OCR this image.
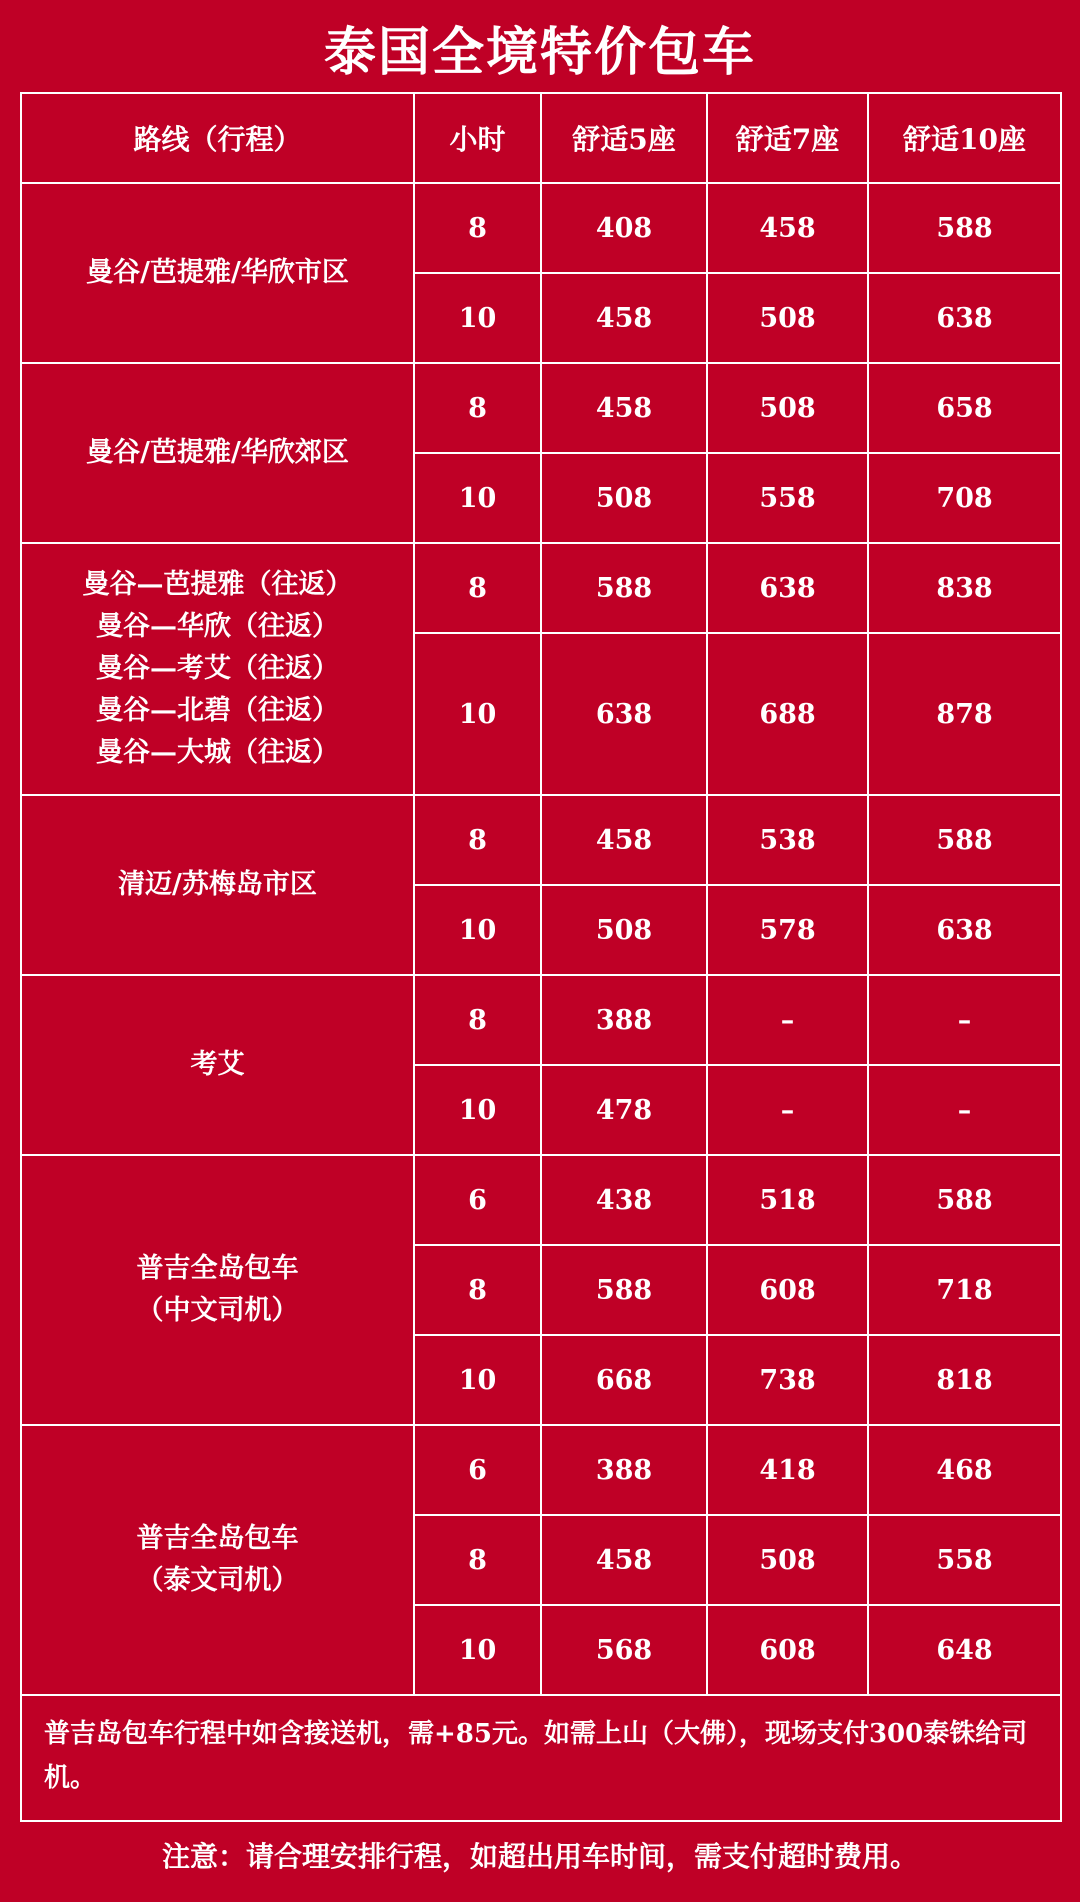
泰国全境特价包车
路线（行程）	小时	舒适5座	舒适7座	舒适10座

曼谷/芭提雅/华欣市区	8	408	458	588
	10	458	508	638

曼谷/芭提雅/华欣郊区	8	458	508	658
	10	508	558	708

曼谷—芭提雅（往返）
曼谷—华欣（往返）
曼谷—考艾（往返）
曼谷—北碧（往返）
曼谷—大城（往返）	8	588	638	838
	10	638	688	878

清迈/苏梅岛市区	8	458	538	588
	10	508	578	638

考艾	8	388	–	–
	10	478	–	–

普吉全岛包车
（中文司机）	6	438	518	588
	8	588	608	718
	10	668	738	818

普吉全岛包车
（泰文司机）	6	388	418	468
	8	458	508	558
	10	568	608	648
普吉岛包车行程中如含接送机，需+85元。如需上山（大佛），现场支付300泰铢给司机。				
注意：请合理安排行程，如超出用车时间，需支付超时费用。
